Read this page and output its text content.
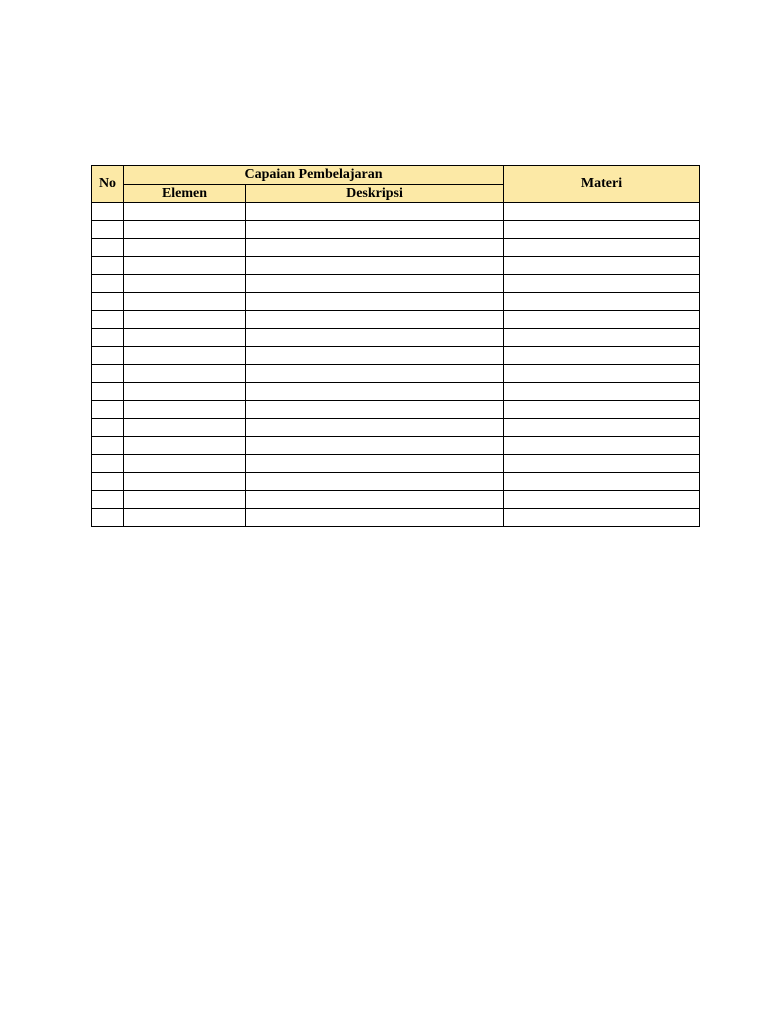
No	Capaian Pembelajaran		Materi
	Elemen	Deskripsi	
